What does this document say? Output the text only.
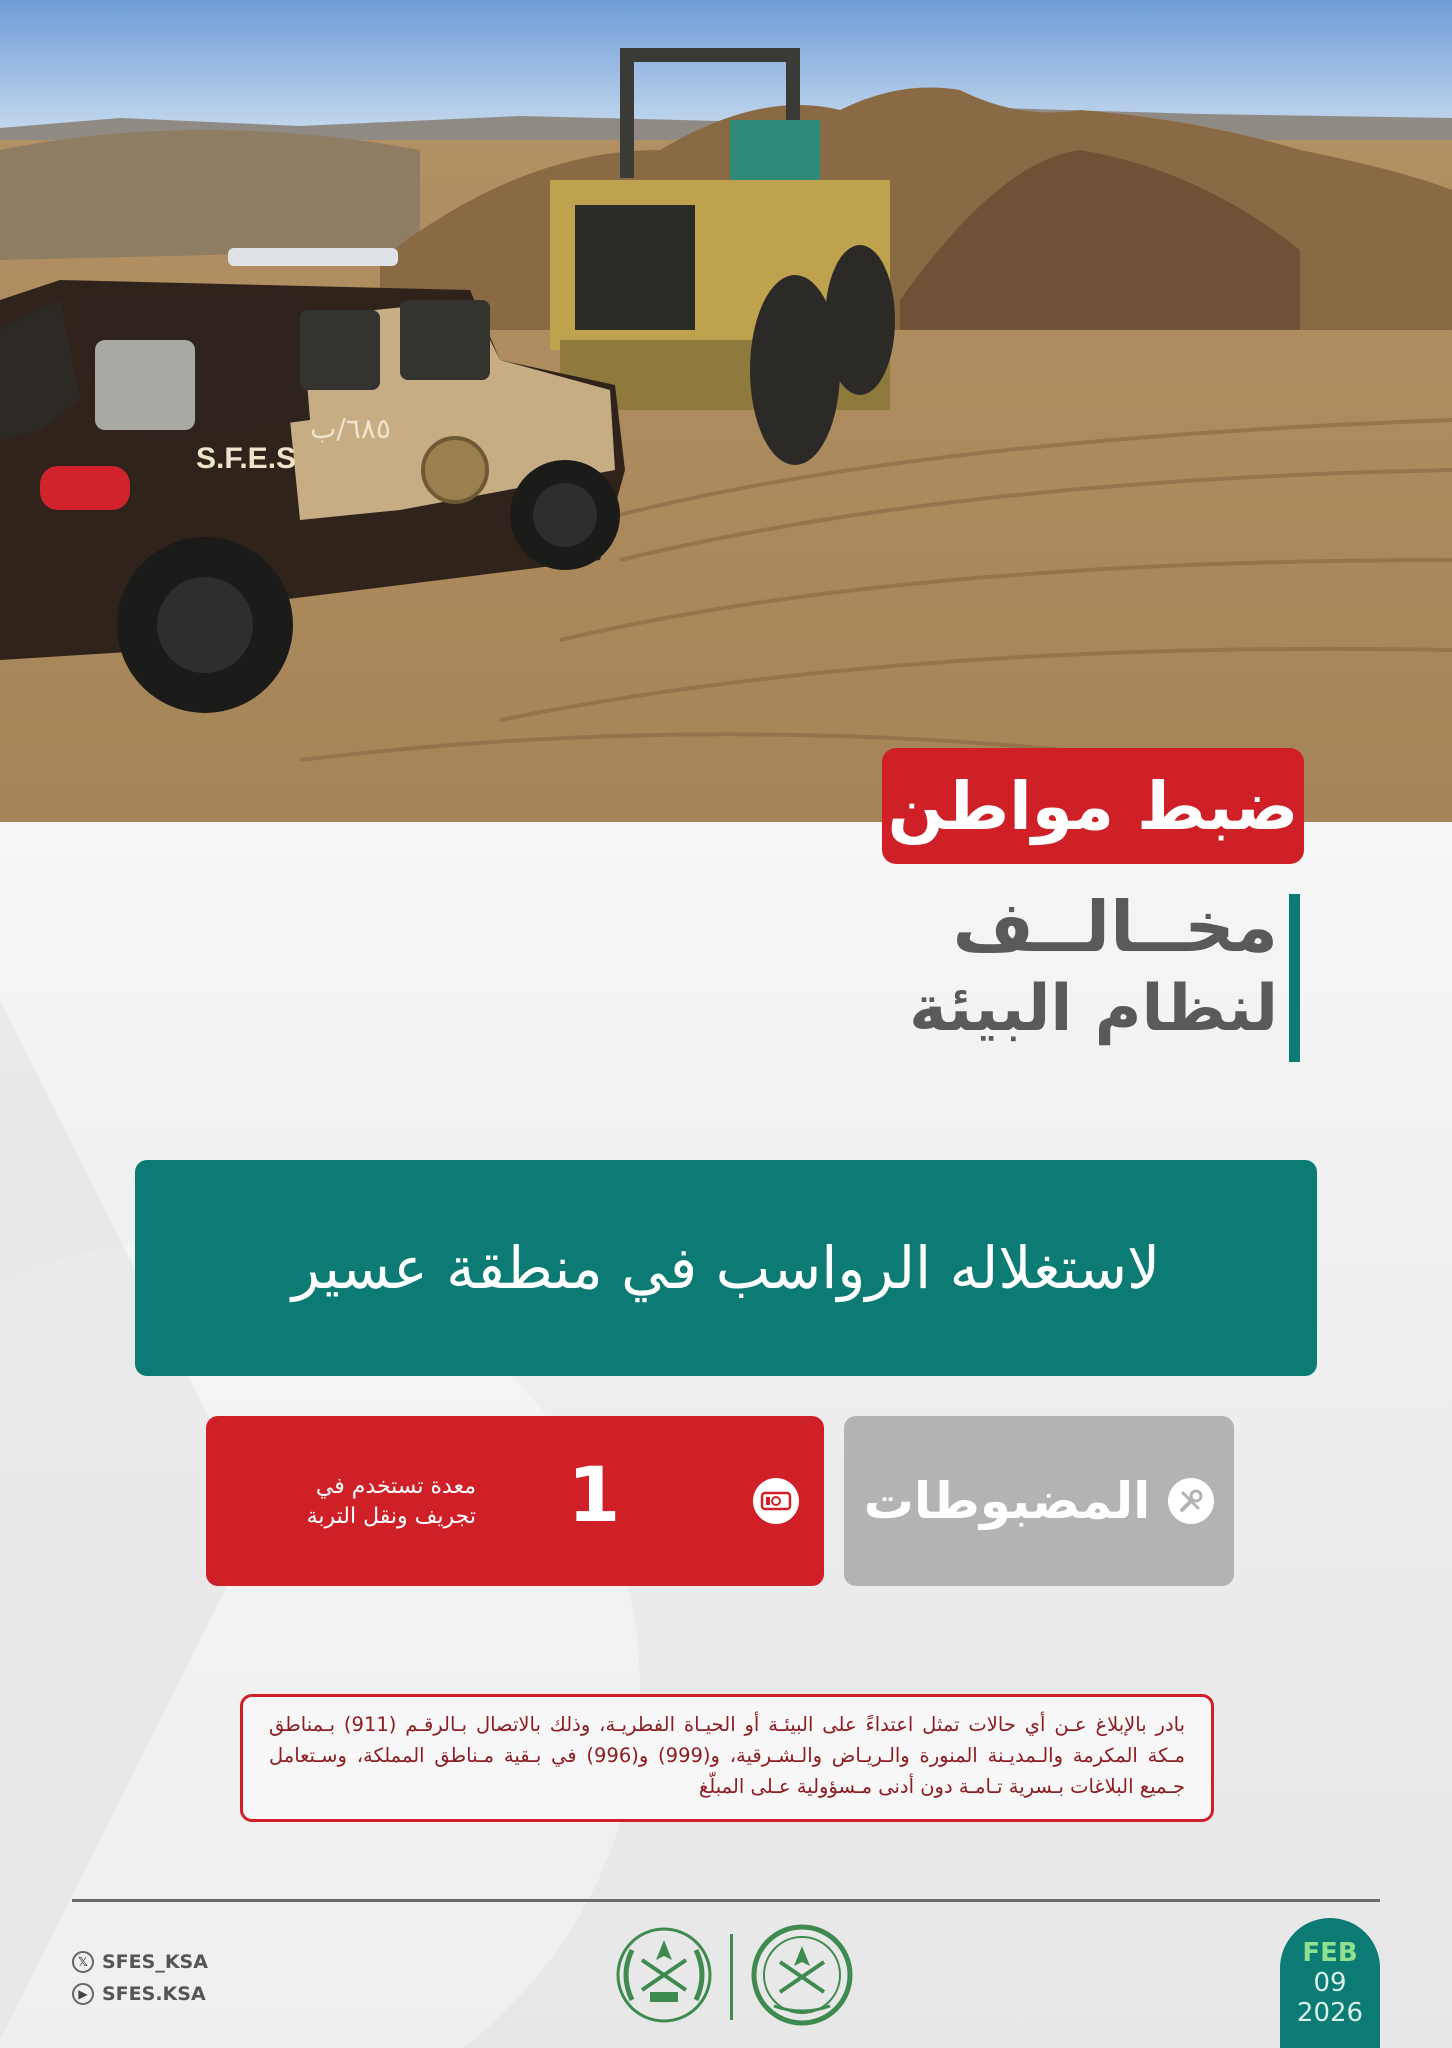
S.F.E.S
٦٨٥/ب
ضبط مواطن
مخــالــف
لنظام البيئة
لاستغلاله الرواسب في منطقة عسير
المضبوطات
1
معدة تستخدم في
تجريف ونقل التربة
بادر بالإبلاغ عـن أي حالات تمثل اعتداءً على البيئـة أو الحيـاة الفطريـة، وذلك بالاتصال بـالرقـم (911) بـمناطق مـكة المكرمة والـمديـنة المنورة والـريـاض والـشـرقية، و(999) و(996) في بـقية مـناطق المملكة، وسـتعامل جـميع البلاغات بـسرية تـامـة دون أدنى مـسؤولية عـلى المبلّغ
𝕏 SFES_KSA
▶ SFES.KSA
FEB
09
2026
